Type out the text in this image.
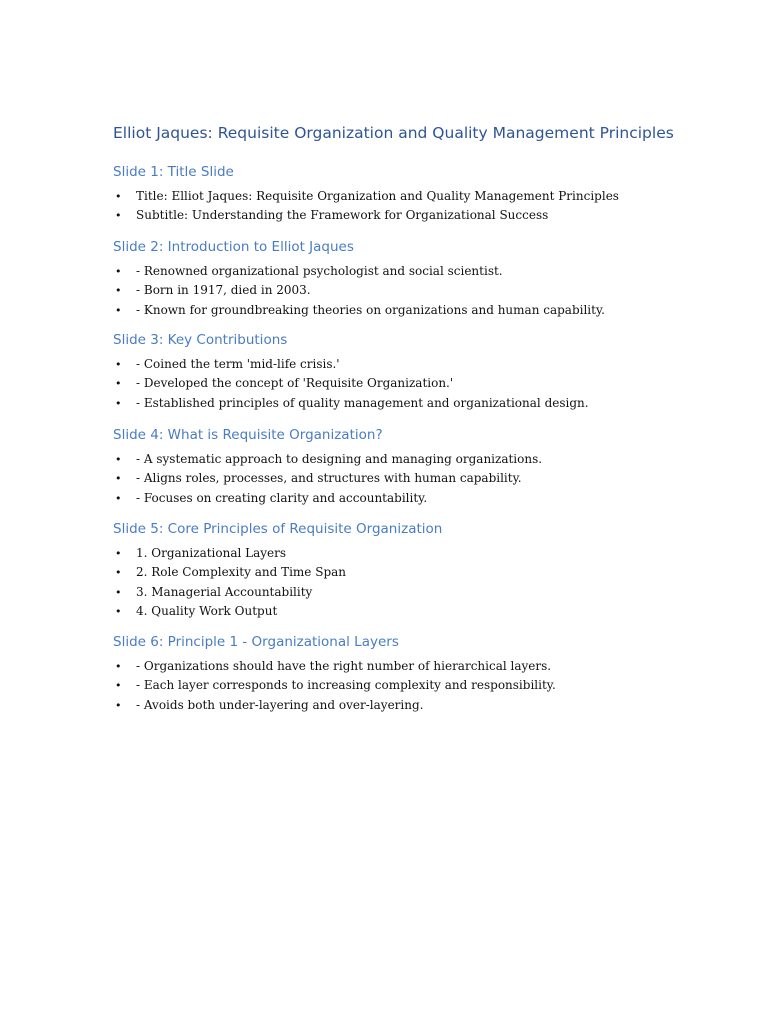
Elliot Jaques: Requisite Organization and Quality Management Principles
Slide 1: Title Slide
• Title: Elliot Jaques: Requisite Organization and Quality Management Principles
• Subtitle: Understanding the Framework for Organizational Success
Slide 2: Introduction to Elliot Jaques
• - Renowned organizational psychologist and social scientist.
• - Born in 1917, died in 2003.
• - Known for groundbreaking theories on organizations and human capability.
Slide 3: Key Contributions
• - Coined the term 'mid-life crisis.'
• - Developed the concept of 'Requisite Organization.'
• - Established principles of quality management and organizational design.
Slide 4: What is Requisite Organization?
• - A systematic approach to designing and managing organizations.
• - Aligns roles, processes, and structures with human capability.
• - Focuses on creating clarity and accountability.
Slide 5: Core Principles of Requisite Organization
• 1. Organizational Layers
• 2. Role Complexity and Time Span
• 3. Managerial Accountability
• 4. Quality Work Output
Slide 6: Principle 1 - Organizational Layers
• - Organizations should have the right number of hierarchical layers.
• - Each layer corresponds to increasing complexity and responsibility.
• - Avoids both under-layering and over-layering.
